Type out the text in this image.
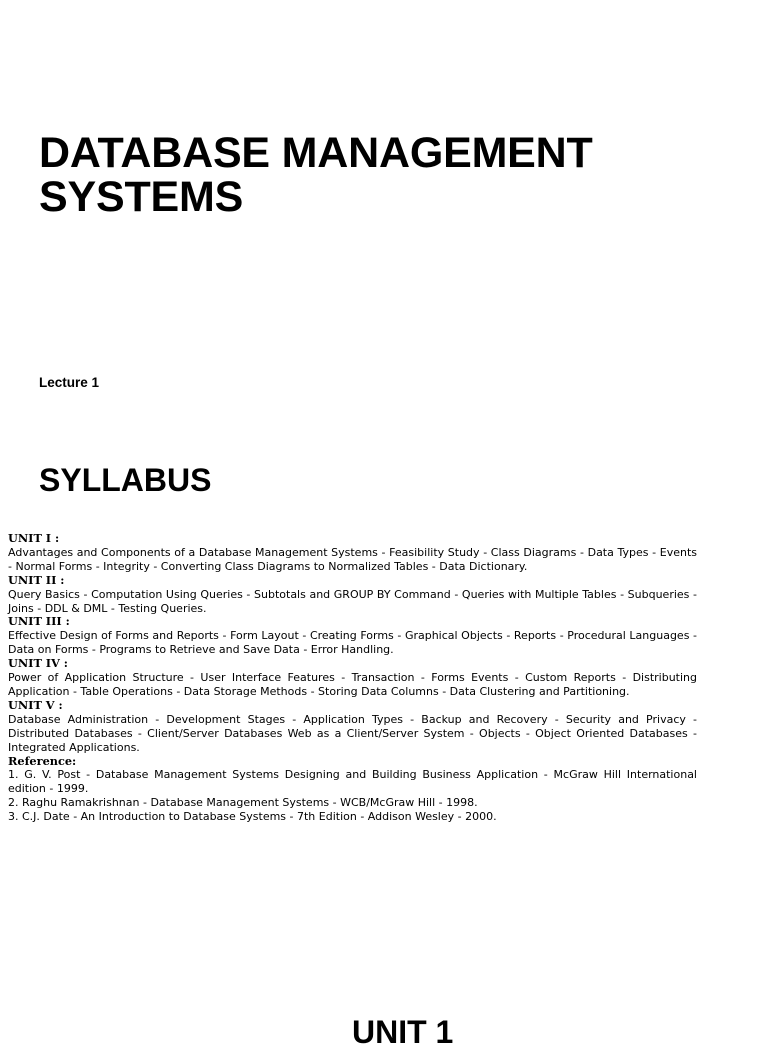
DATABASE MANAGEMENT
SYSTEMS
Lecture 1
SYLLABUS
UNIT I :
Advantages and Components of a Database Management Systems - Feasibility Study - Class Diagrams - Data Types - Events - Normal Forms - Integrity - Converting Class Diagrams to Normalized Tables - Data Dictionary.
UNIT II :
Query Basics - Computation Using Queries - Subtotals and GROUP BY Command - Queries with Multiple Tables - Subqueries - Joins - DDL & DML - Testing Queries.
UNIT III :
Effective Design of Forms and Reports - Form Layout - Creating Forms - Graphical Objects - Reports - Procedural Languages - Data on Forms - Programs to Retrieve and Save Data - Error Handling.
UNIT IV :
Power of Application Structure - User Interface Features - Transaction - Forms Events - Custom Reports - Distributing Application - Table Operations - Data Storage Methods - Storing Data Columns - Data Clustering and Partitioning.
UNIT V :
Database Administration - Development Stages - Application Types - Backup and Recovery - Security and Privacy - Distributed Databases - Client/Server Databases Web as a Client/Server System - Objects - Object Oriented Databases - Integrated Applications.
Reference:
1. G. V. Post - Database Management Systems Designing and Building Business Application - McGraw Hill International edition - 1999.
2. Raghu Ramakrishnan - Database Management Systems - WCB/McGraw Hill - 1998.
3. C.J. Date - An Introduction to Database Systems - 7th Edition - Addison Wesley - 2000.
UNIT 1
